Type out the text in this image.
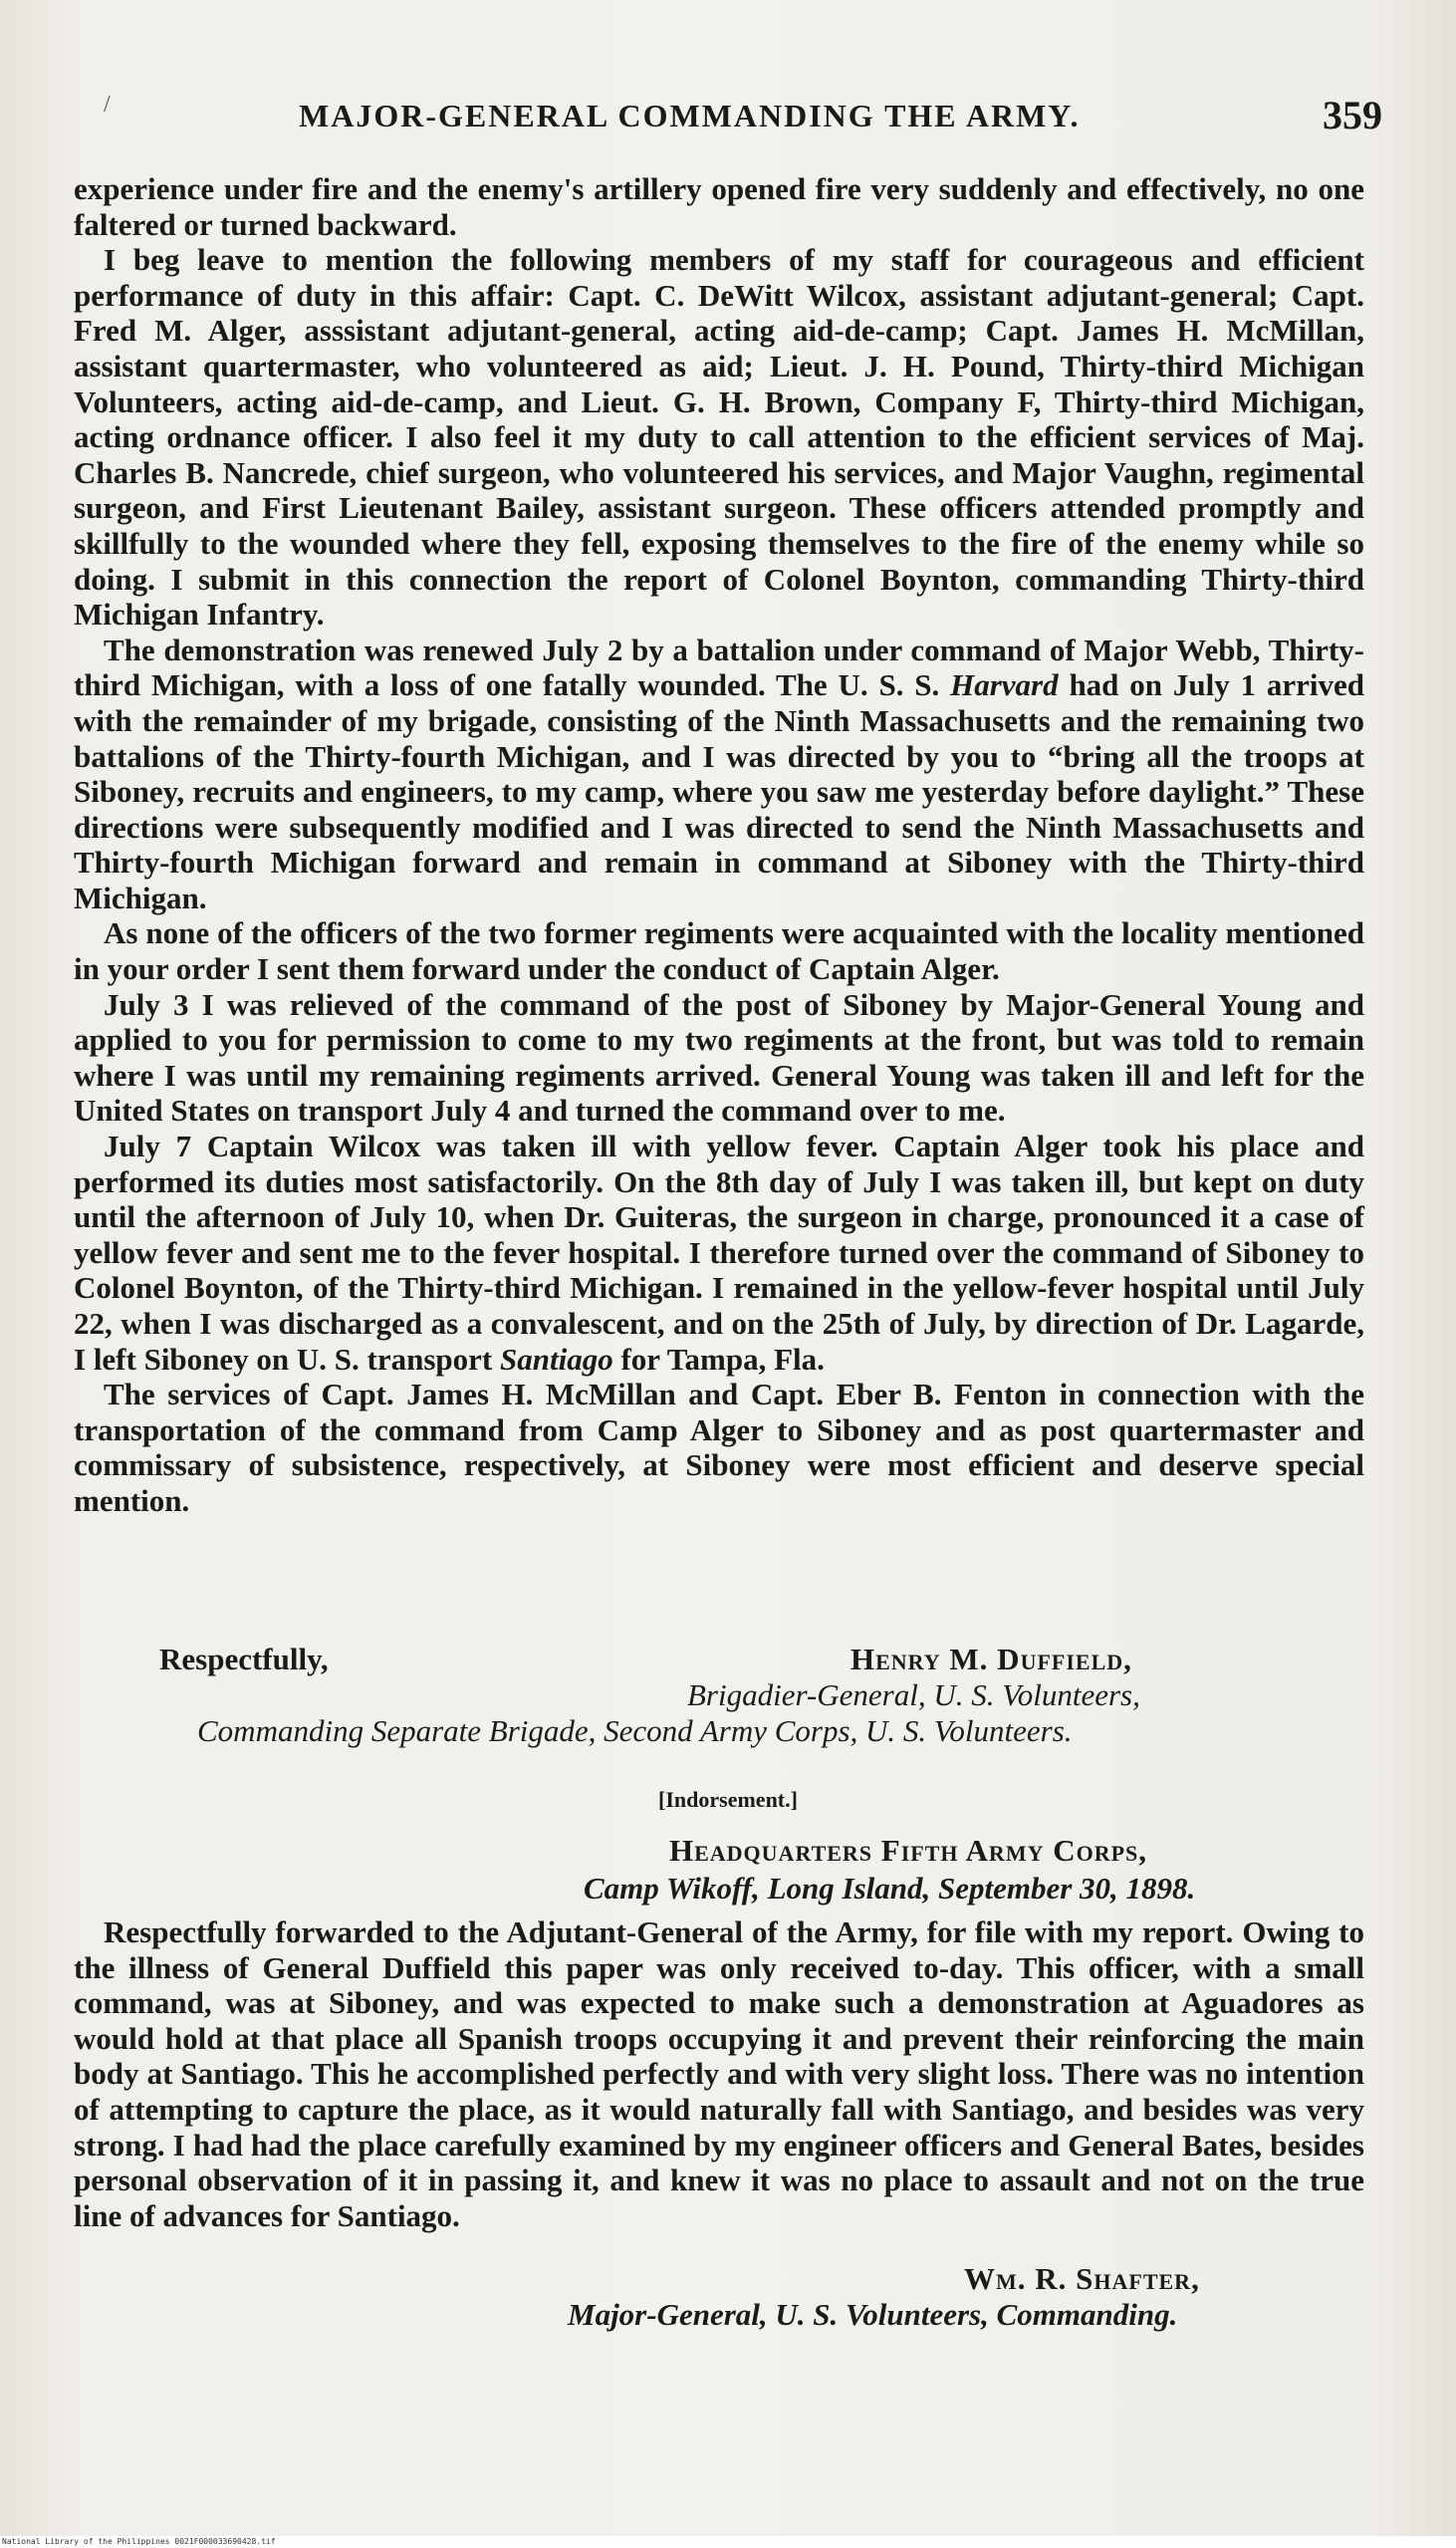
/	MAJOR-GENERAL COMMANDING THE ARMY.	359

experience under fire and the enemy's artillery opened fire very suddenly and effectively, no one faltered or turned backward.

I beg leave to mention the following members of my staff for courageous and efficient performance of duty in this affair: Capt. C. DeWitt Wilcox, assistant adjutant-general; Capt. Fred M. Alger, asssistant adjutant-general, acting aid-de-camp; Capt. James H. McMillan, assistant quartermaster, who volunteered as aid; Lieut. J. H. Pound, Thirty-third Michigan Volunteers, acting aid-de-camp, and Lieut. G. H. Brown, Company F, Thirty-third Michigan, acting ordnance officer. I also feel it my duty to call attention to the efficient services of Maj. Charles B. Nancrede, chief surgeon, who volunteered his services, and Major Vaughn, regimental surgeon, and First Lieutenant Bailey, assistant surgeon. These officers attended promptly and skillfully to the wounded where they fell, exposing themselves to the fire of the enemy while so doing. I submit in this connection the report of Colonel Boynton, commanding Thirty-third Michigan Infantry.

The demonstration was renewed July 2 by a battalion under command of Major Webb, Thirty-third Michigan, with a loss of one fatally wounded. The U. S. S. Harvard had on July 1 arrived with the remainder of my brigade, consisting of the Ninth Massachusetts and the remaining two battalions of the Thirty-fourth Michigan, and I was directed by you to “bring all the troops at Siboney, recruits and engineers, to my camp, where you saw me yesterday before daylight.” These directions were subsequently modified and I was directed to send the Ninth Massachusetts and Thirty-fourth Michigan forward and remain in command at Siboney with the Thirty-third Michigan.

As none of the officers of the two former regiments were acquainted with the locality mentioned in your order I sent them forward under the conduct of Captain Alger.

July 3 I was relieved of the command of the post of Siboney by Major-General Young and applied to you for permission to come to my two regiments at the front, but was told to remain where I was until my remaining regiments arrived. General Young was taken ill and left for the United States on transport July 4 and turned the command over to me.

July 7 Captain Wilcox was taken ill with yellow fever. Captain Alger took his place and performed its duties most satisfactorily. On the 8th day of July I was taken ill, but kept on duty until the afternoon of July 10, when Dr. Guiteras, the surgeon in charge, pronounced it a case of yellow fever and sent me to the fever hospital. I therefore turned over the command of Siboney to Colonel Boynton, of the Thirty-third Michigan. I remained in the yellow-fever hospital until July 22, when I was discharged as a convalescent, and on the 25th of July, by direction of Dr. Lagarde, I left Siboney on U. S. transport Santiago for Tampa, Fla.

The services of Capt. James H. McMillan and Capt. Eber B. Fenton in connection with the transportation of the command from Camp Alger to Siboney and as post quartermaster and commissary of subsistence, respectively, at Siboney were most efficient and deserve special mention.

Respectfully,	Henry M. Duffield,
Brigadier-General, U. S. Volunteers,
Commanding Separate Brigade, Second Army Corps, U. S. Volunteers.
[Indorsement.]
Headquarters Fifth Army Corps,
Camp Wikoff, Long Island, September 30, 1898.

Respectfully forwarded to the Adjutant-General of the Army, for file with my report. Owing to the illness of General Duffield this paper was only received to-day. This officer, with a small command, was at Siboney, and was expected to make such a demonstration at Aguadores as would hold at that place all Spanish troops occupying it and prevent their reinforcing the main body at Santiago. This he accomplished perfectly and with very slight loss. There was no intention of attempting to capture the place, as it would naturally fall with Santiago, and besides was very strong. I had had the place carefully examined by my engineer officers and General Bates, besides personal observation of it in passing it, and knew it was no place to assault and not on the true line of advances for Santiago.

Wm. R. Shafter,
Major-General, U. S. Volunteers, Commanding.
National Library of the Philippines 0021F000033690428.tif
